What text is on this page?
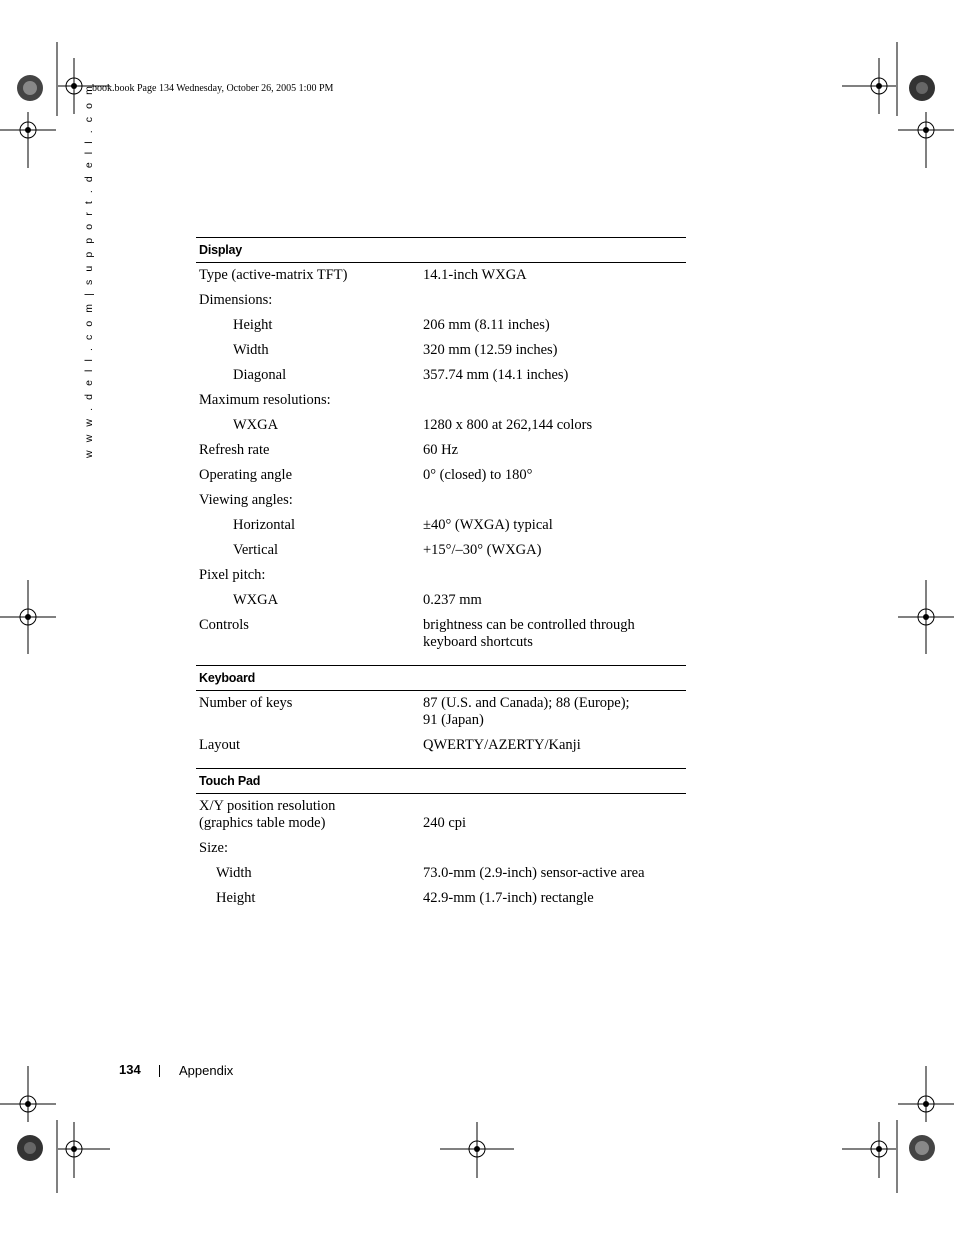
book.book Page 134 Wednesday, October 26, 2005 1:00 PM
w w w . d e l l . c o m | s u p p o r t . d e l l . c o m	Display
Type (active-matrix TFT)	14.1-inch WXGA
Dimensions:
Height	206 mm (8.11 inches)
Width	320 mm (12.59 inches)
Diagonal	357.74 mm (14.1 inches)
Maximum resolutions:
WXGA	1280 x 800 at 262,144 colors
Refresh rate	60 Hz
Operating angle	0° (closed) to 180°
Viewing angles:
Horizontal	±40° (WXGA) typical
Vertical	+15°/–30° (WXGA)
Pixel pitch:
WXGA	0.237 mm
Controls	brightness can be controlled through
keyboard shortcuts
Keyboard
Number of keys	87 (U.S. and Canada); 88 (Europe);
91 (Japan)
Layout	QWERTY/AZERTY/Kanji
Touch Pad
X/Y position resolution
(graphics table mode)	240 cpi
Size:
Width	73.0-mm (2.9-inch) sensor-active area
Height	42.9-mm (1.7-inch) rectangle
134	Appendix
